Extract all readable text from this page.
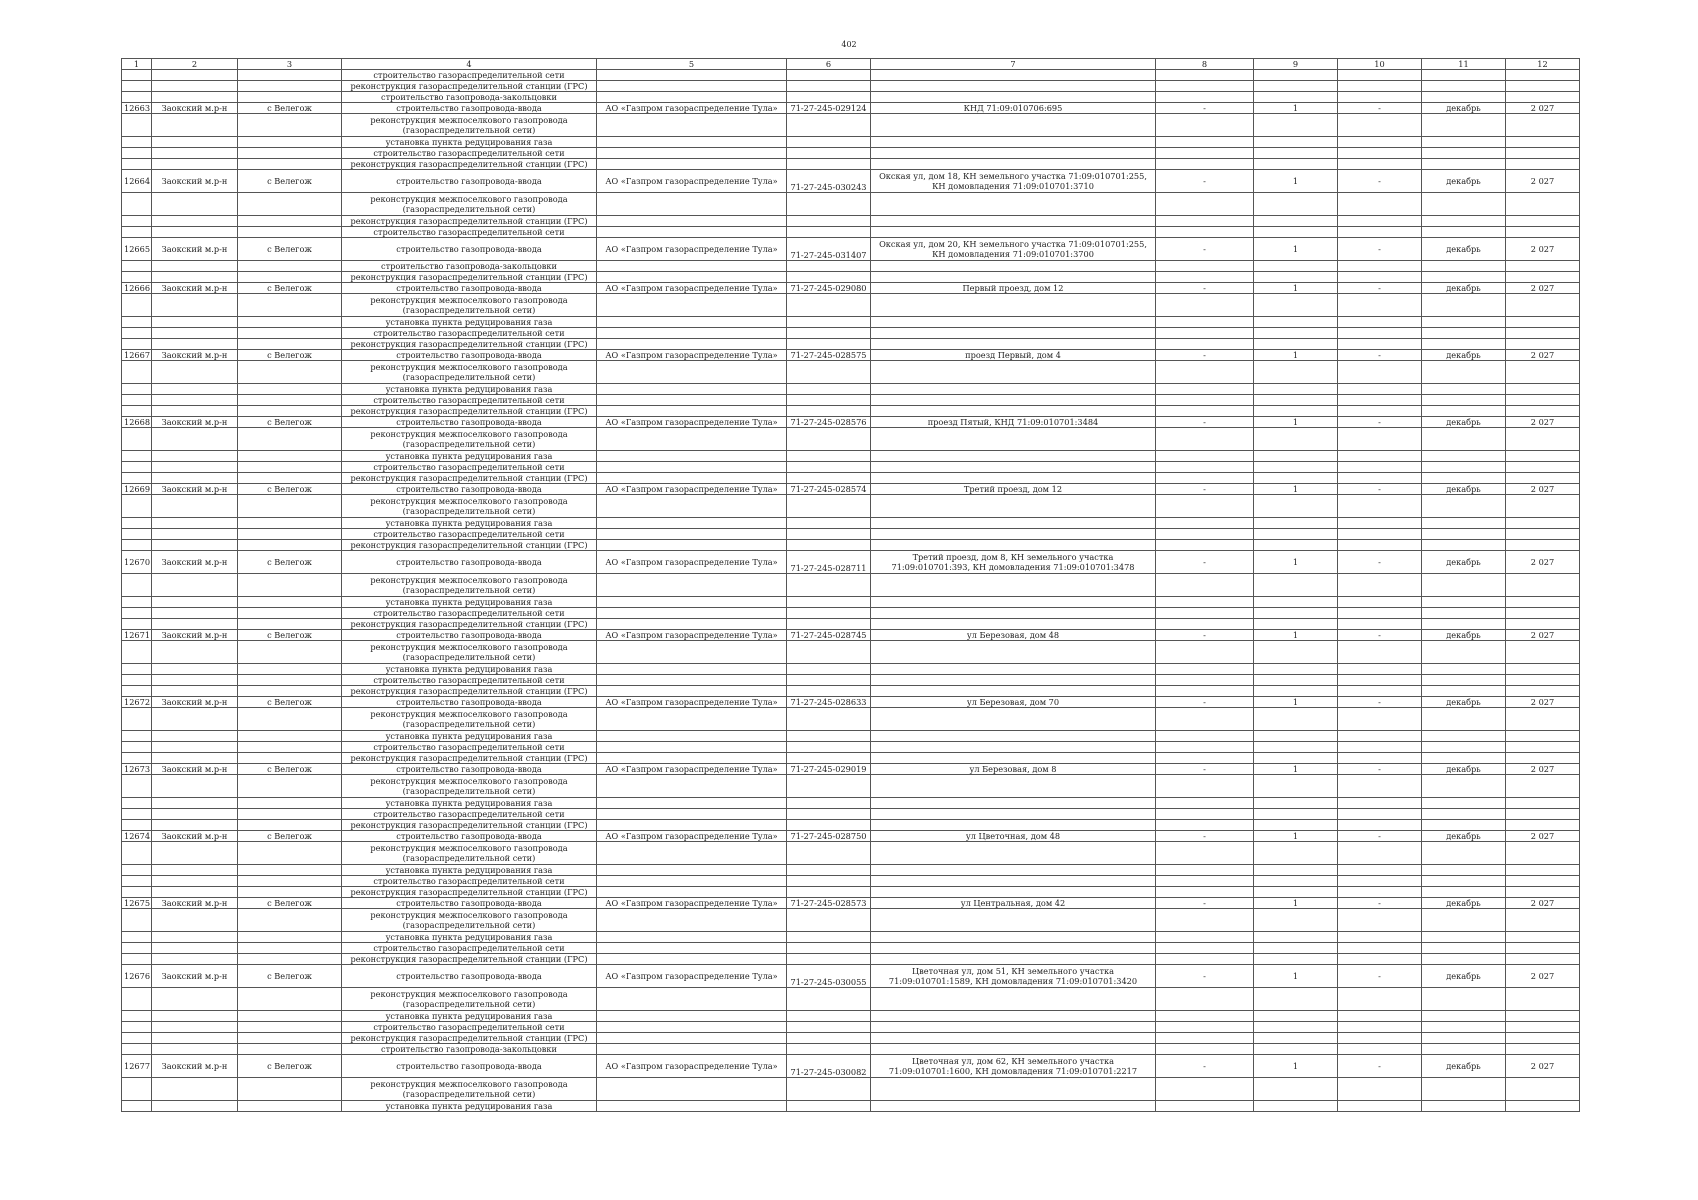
402
1	2	3	4	5	6	7	8	9	10	11	12
			строительство газораспределительной сети								
			реконструкция газораспределительной станции (ГРС)								
			строительство газопровода-закольцовки								
12663	Заокский м.р-н	с Велегож	строительство газопровода-ввода	АО «Газпром газораспределение Тула»	71-27-245-029124	КНД 71:09:010706:695	-	1	-	декабрь	2 027
			реконструкция межпоселкового газопровода (газораспределительной сети)								
			установка пункта редуцирования газа								
			строительство газораспределительной сети								
			реконструкция газораспределительной станции (ГРС)								
12664	Заокский м.р-н	с Велегож	строительство газопровода-ввода	АО «Газпром газораспределение Тула»	71-27-245-030243	Окская ул, дом 18, КН земельного участка 71:09:010701:255, КН домовладения 71:09:010701:3710	-	1	-	декабрь	2 027
			реконструкция межпоселкового газопровода (газораспределительной сети)								
			реконструкция газораспределительной станции (ГРС)								
			строительство газораспределительной сети								
12665	Заокский м.р-н	с Велегож	строительство газопровода-ввода	АО «Газпром газораспределение Тула»	71-27-245-031407	Окская ул, дом 20, КН земельного участка 71:09:010701:255, КН домовладения 71:09:010701:3700	-	1	-	декабрь	2 027
			строительство газопровода-закольцовки								
			реконструкция газораспределительной станции (ГРС)								
12666	Заокский м.р-н	с Велегож	строительство газопровода-ввода	АО «Газпром газораспределение Тула»	71-27-245-029080	Первый проезд, дом 12	-	1	-	декабрь	2 027
			реконструкция межпоселкового газопровода (газораспределительной сети)								
			установка пункта редуцирования газа								
			строительство газораспределительной сети								
			реконструкция газораспределительной станции (ГРС)								
12667	Заокский м.р-н	с Велегож	строительство газопровода-ввода	АО «Газпром газораспределение Тула»	71-27-245-028575	проезд Первый, дом 4	-	1	-	декабрь	2 027
			реконструкция межпоселкового газопровода (газораспределительной сети)								
			установка пункта редуцирования газа								
			строительство газораспределительной сети								
			реконструкция газораспределительной станции (ГРС)								
12668	Заокский м.р-н	с Велегож	строительство газопровода-ввода	АО «Газпром газораспределение Тула»	71-27-245-028576	проезд Пятый, КНД 71:09:010701:3484	-	1	-	декабрь	2 027
			реконструкция межпоселкового газопровода (газораспределительной сети)								
			установка пункта редуцирования газа								
			строительство газораспределительной сети								
			реконструкция газораспределительной станции (ГРС)								
12669	Заокский м.р-н	с Велегож	строительство газопровода-ввода	АО «Газпром газораспределение Тула»	71-27-245-028574	Третий проезд, дом 12	-	1	-	декабрь	2 027
			реконструкция межпоселкового газопровода (газораспределительной сети)								
			установка пункта редуцирования газа								
			строительство газораспределительной сети								
			реконструкция газораспределительной станции (ГРС)								
12670	Заокский м.р-н	с Велегож	строительство газопровода-ввода	АО «Газпром газораспределение Тула»	71-27-245-028711	Третий проезд, дом 8, КН земельного участка 71:09:010701:393, КН домовладения 71:09:010701:3478	-	1	-	декабрь	2 027
			реконструкция межпоселкового газопровода (газораспределительной сети)								
			установка пункта редуцирования газа								
			строительство газораспределительной сети								
			реконструкция газораспределительной станции (ГРС)								
12671	Заокский м.р-н	с Велегож	строительство газопровода-ввода	АО «Газпром газораспределение Тула»	71-27-245-028745	ул Березовая, дом 48	-	1	-	декабрь	2 027
			реконструкция межпоселкового газопровода (газораспределительной сети)								
			установка пункта редуцирования газа								
			строительство газораспределительной сети								
			реконструкция газораспределительной станции (ГРС)								
12672	Заокский м.р-н	с Велегож	строительство газопровода-ввода	АО «Газпром газораспределение Тула»	71-27-245-028633	ул Березовая, дом 70	-	1	-	декабрь	2 027
			реконструкция межпоселкового газопровода (газораспределительной сети)								
			установка пункта редуцирования газа								
			строительство газораспределительной сети								
			реконструкция газораспределительной станции (ГРС)								
12673	Заокский м.р-н	с Велегож	строительство газопровода-ввода	АО «Газпром газораспределение Тула»	71-27-245-029019	ул Березовая, дом 8	-	1	-	декабрь	2 027
			реконструкция межпоселкового газопровода (газораспределительной сети)								
			установка пункта редуцирования газа								
			строительство газораспределительной сети								
			реконструкция газораспределительной станции (ГРС)								
12674	Заокский м.р-н	с Велегож	строительство газопровода-ввода	АО «Газпром газораспределение Тула»	71-27-245-028750	ул Цветочная, дом 48	-	1	-	декабрь	2 027
			реконструкция межпоселкового газопровода (газораспределительной сети)								
			установка пункта редуцирования газа								
			строительство газораспределительной сети								
			реконструкция газораспределительной станции (ГРС)								
12675	Заокский м.р-н	с Велегож	строительство газопровода-ввода	АО «Газпром газораспределение Тула»	71-27-245-028573	ул Центральная, дом 42	-	1	-	декабрь	2 027
			реконструкция межпоселкового газопровода (газораспределительной сети)								
			установка пункта редуцирования газа								
			строительство газораспределительной сети								
			реконструкция газораспределительной станции (ГРС)								
12676	Заокский м.р-н	с Велегож	строительство газопровода-ввода	АО «Газпром газораспределение Тула»	71-27-245-030055	Цветочная ул, дом 51, КН земельного участка 71:09:010701:1589, КН домовладения 71:09:010701:3420	-	1	-	декабрь	2 027
			реконструкция межпоселкового газопровода (газораспределительной сети)								
			установка пункта редуцирования газа								
			строительство газораспределительной сети								
			реконструкция газораспределительной станции (ГРС)								
			строительство газопровода-закольцовки								
12677	Заокский м.р-н	с Велегож	строительство газопровода-ввода	АО «Газпром газораспределение Тула»	71-27-245-030082	Цветочная ул, дом 62, КН земельного участка 71:09:010701:1600, КН домовладения 71:09:010701:2217	-	1	-	декабрь	2 027
			реконструкция межпоселкового газопровода (газораспределительной сети)								
			установка пункта редуцирования газа								
